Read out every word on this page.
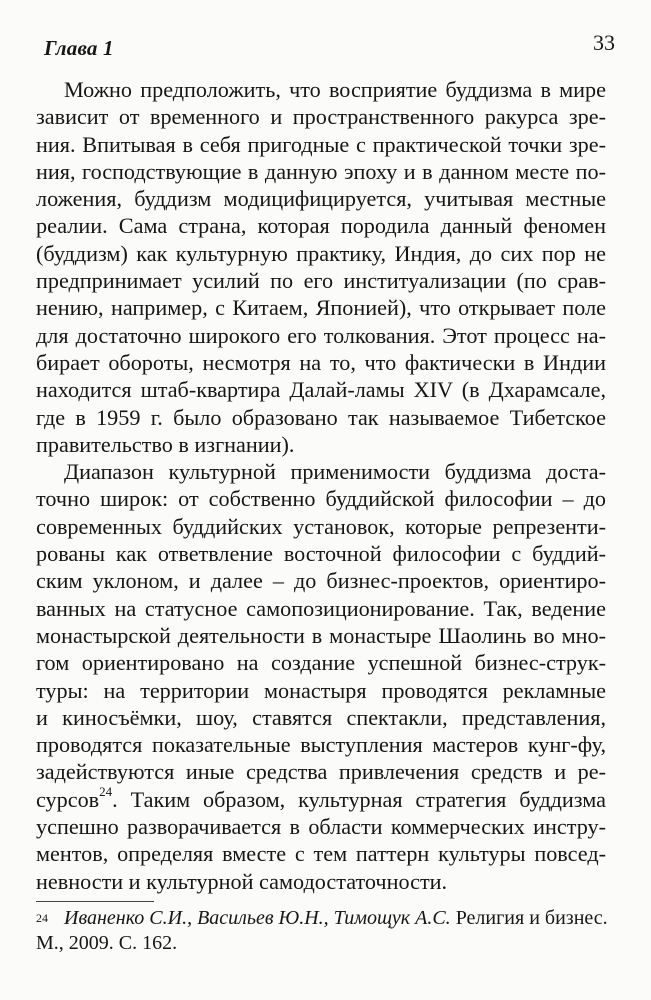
Глава 1	33
Можно предположить, что восприятие буддизма в мире
зависит от временного и пространственного ракурса зре-
ния. Впитывая в себя пригодные с практической точки зре-
ния, господствующие в данную эпоху и в данном месте по-
ложения, буддизм модицифицируется, учитывая местные
реалии. Сама страна, которая породила данный феномен
(буддизм) как культурную практику, Индия, до сих пор не
предпринимает усилий по его институализации (по срав-
нению, например, с Китаем, Японией), что открывает поле
для достаточно широкого его толкования. Этот процесс на-
бирает обороты, несмотря на то, что фактически в Индии
находится штаб-квартира Далай-ламы XIV (в Дхарамсале,
где в 1959 г. было образовано так называемое Тибетское
правительство в изгнании).
Диапазон культурной применимости буддизма доста-
точно широк: от собственно буддийской философии – до
современных буддийских установок, которые репрезенти-
рованы как ответвление восточной философии с буддий-
ским уклоном, и далее – до бизнес-проектов, ориентиро-
ванных на статусное самопозиционирование. Так, ведение
монастырской деятельности в монастыре Шаолинь во мно-
гом ориентировано на создание успешной бизнес-струк-
туры: на территории монастыря проводятся рекламные
и киносъёмки, шоу, ставятся спектакли, представления,
проводятся показательные выступления мастеров кунг-фу,
задействуются иные средства привлечения средств и ре-
сурсов$^{24}$. Таким образом, культурная стратегия буддизма
успешно разворачивается в области коммерческих инстру-
ментов, определяя вместе с тем паттерн культуры повсед-
невности и культурной самодостаточности.
24 Иваненко С.И., Васильев Ю.Н., Тимощук А.С. Религия и бизнес.
М., 2009. С. 162.
